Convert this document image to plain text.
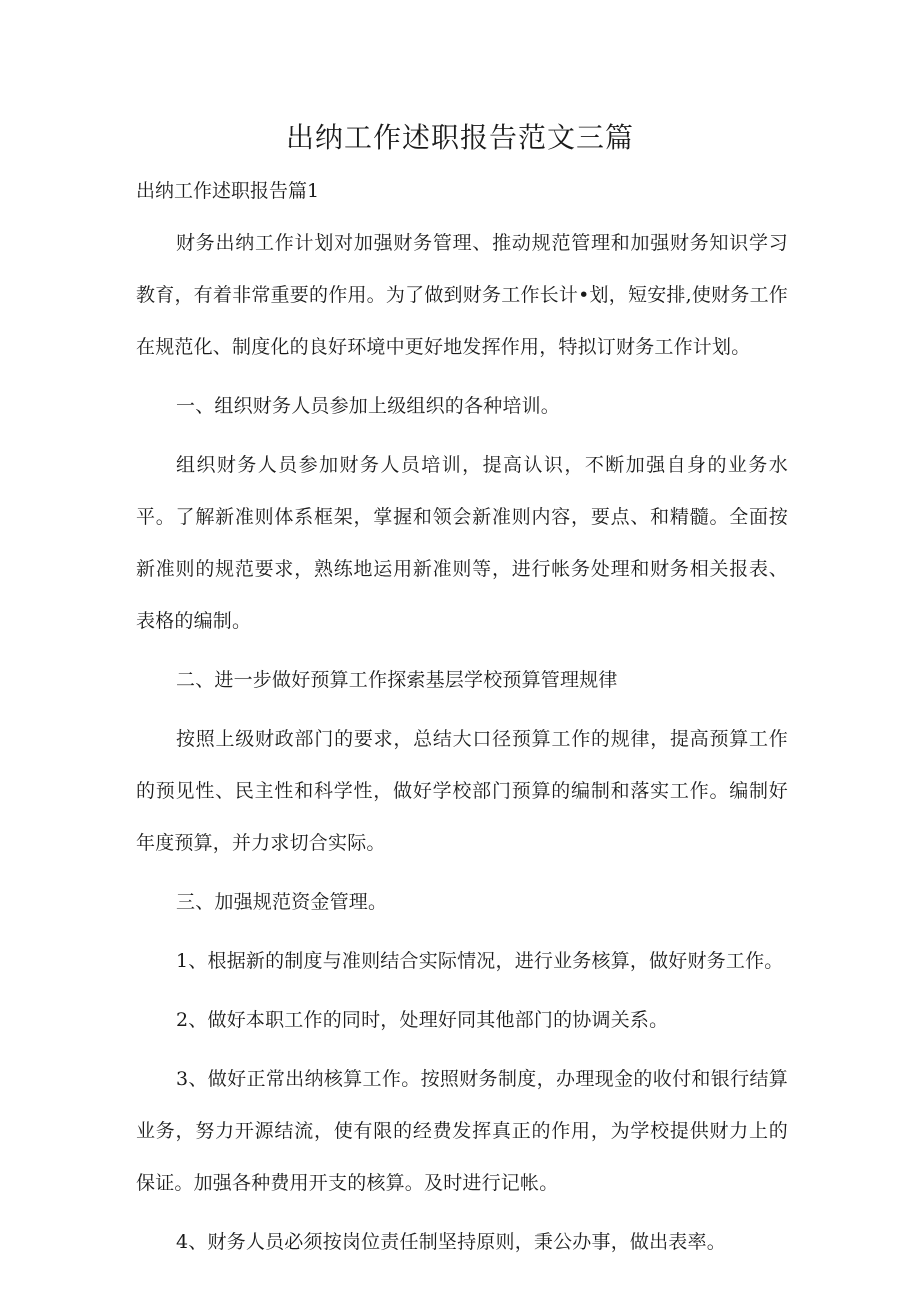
出纳工作述职报告范文三篇
出纳工作述职报告篇1

财务出纳工作计划对加强财务管理、推动规范管理和加强财务知识学习教育，有着非常重要的作用。为了做到财务工作长计•划，短安排,使财务工作在规范化、制度化的良好环境中更好地发挥作用，特拟订财务工作计划。

一、组织财务人员参加上级组织的各种培训。

组织财务人员参加财务人员培训，提高认识，不断加强自身的业务水平。了解新准则体系框架，掌握和领会新准则内容，要点、和精髓。全面按新准则的规范要求，熟练地运用新准则等，进行帐务处理和财务相关报表、表格的编制。

二、进一步做好预算工作探索基层学校预算管理规律

按照上级财政部门的要求，总结大口径预算工作的规律，提高预算工作的预见性、民主性和科学性，做好学校部门预算的编制和落实工作。编制好年度预算，并力求切合实际。

三、加强规范资金管理。

1、根据新的制度与准则结合实际情况，进行业务核算，做好财务工作。

2、做好本职工作的同时，处理好同其他部门的协调关系。

3、做好正常出纳核算工作。按照财务制度，办理现金的收付和银行结算业务，努力开源结流，使有限的经费发挥真正的作用，为学校提供财力上的保证。加强各种费用开支的核算。及时进行记帐。

4、财务人员必须按岗位责任制坚持原则，秉公办事，做出表率。
